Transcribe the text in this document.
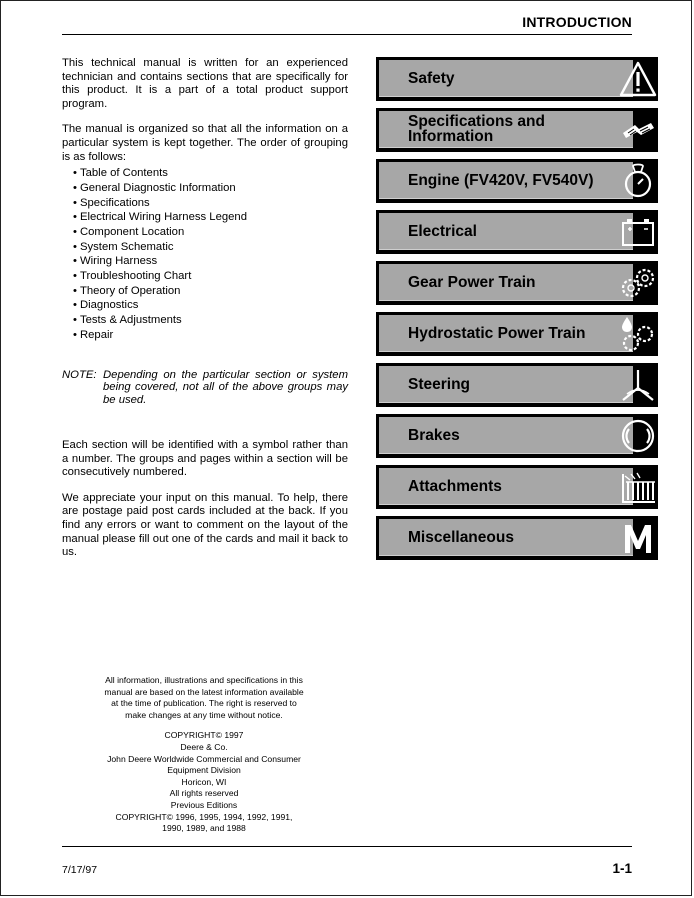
INTRODUCTION

This technical manual is written for an experienced technician and contains sections that are specifically for this product. It is a part of a total product support program.

The manual is organized so that all the information on a particular system is kept together. The order of grouping is as follows:

• Table of Contents
• General Diagnostic Information
• Specifications
• Electrical Wiring Harness Legend
• Component Location
• System Schematic
• Wiring Harness
• Troubleshooting Chart
• Theory of Operation
• Diagnostics
• Tests & Adjustments
• Repair
NOTE: Depending on the particular section or system being covered, not all of the above groups may be used.

Each section will be identified with a symbol rather than a number. The groups and pages within a section will be consecutively numbered.

We appreciate your input on this manual. To help, there are postage paid post cards included at the back. If you find any errors or want to comment on the layout of the manual please fill out one of the cards and mail it back to us.

Safety
Specifications and Information
Engine (FV420V, FV540V)
Electrical
Gear Power Train
Hydrostatic Power Train
Steering
Brakes
Attachments
Miscellaneous

All information, illustrations and specifications in this manual are based on the latest information available at the time of publication. The right is reserved to make changes at any time without notice.

COPYRIGHT© 1997
Deere & Co.
John Deere Worldwide Commercial and Consumer Equipment Division
Horicon, WI
All rights reserved
Previous Editions
COPYRIGHT© 1996, 1995, 1994, 1992, 1991, 1990, 1989, and 1988
7/17/97	1-1
